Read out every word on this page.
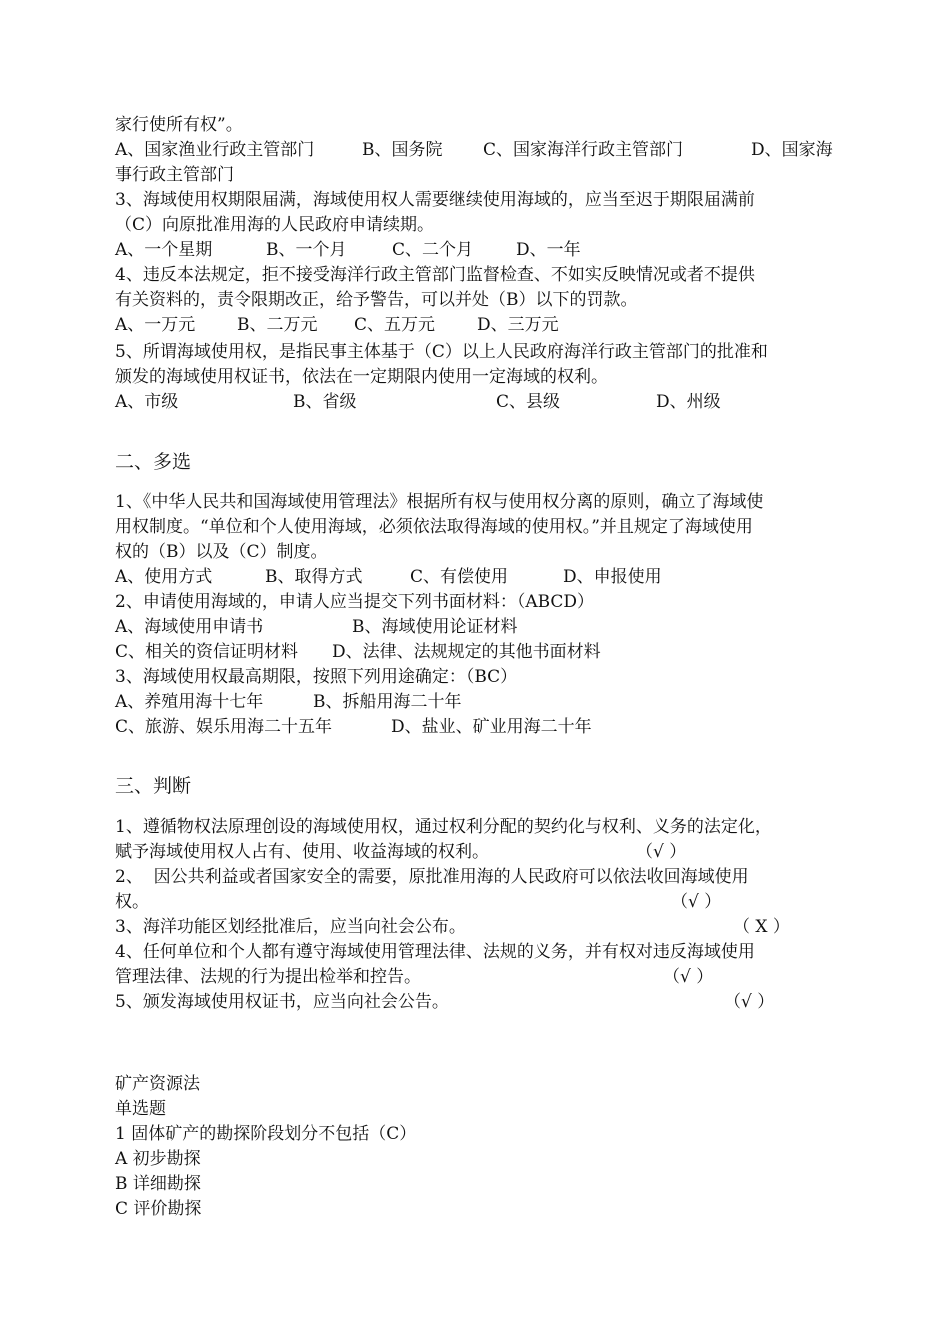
家行使所有权”。
A、国家渔业行政主管部门	B、国务院 C、国家海洋行政主管部门	D、国家海
事行政主管部门
3、海域使用权期限届满，海域使用权人需要继续使用海域的，应当至迟于期限届满前
（C）向原批准用海的人民政府申请续期。
A、一个星期	B、一个月	C、二个月	D、一年
4、违反本法规定，拒不接受海洋行政主管部门监督检查、不如实反映情况或者不提供
有关资料的，责令限期改正，给予警告，可以并处（B）以下的罚款。
A、一万元 B、二万元 C、五万元 D、三万元
5、所谓海域使用权，是指民事主体基于（C）以上人民政府海洋行政主管部门的批准和
颁发的海域使用权证书，依法在一定期限内使用一定海域的权利。
A、市级	B、省级	C、县级	D、州级
二、多选
1、《中华人民共和国海域使用管理法》根据所有权与使用权分离的原则，确立了海域使
用权制度。“单位和个人使用海域，必须依法取得海域的使用权。”并且规定了海域使用
权的（B）以及（C）制度。
A、使用方式	B、取得方式	C、有偿使用	D、申报使用
2、申请使用海域的，申请人应当提交下列书面材料：（ABCD）
A、海域使用申请书	B、海域使用论证材料
C、相关的资信证明材料 D、法律、法规规定的其他书面材料
3、海域使用权最高期限，按照下列用途确定：（BC）
A、养殖用海十七年	B、拆船用海二十年
C、旅游、娱乐用海二十五年	D、盐业、矿业用海二十年
三、判断
1、遵循物权法原理创设的海域使用权，通过权利分配的契约化与权利、义务的法定化，
赋予海域使用权人占有、使用、收益海域的权利。	（√ ）
2、  因公共利益或者国家安全的需要，原批准用海的人民政府可以依法收回海域使用
权。	（√ ）
3、海洋功能区划经批准后，应当向社会公布。	（ X ）
4、任何单位和个人都有遵守海域使用管理法律、法规的义务，并有权对违反海域使用
管理法律、法规的行为提出检举和控告。	（√ ）
5、颁发海域使用权证书，应当向社会公告。	（√ ）
矿产资源法
单选题
1 固体矿产的勘探阶段划分不包括（C）
A 初步勘探
B 详细勘探
C 评价勘探
